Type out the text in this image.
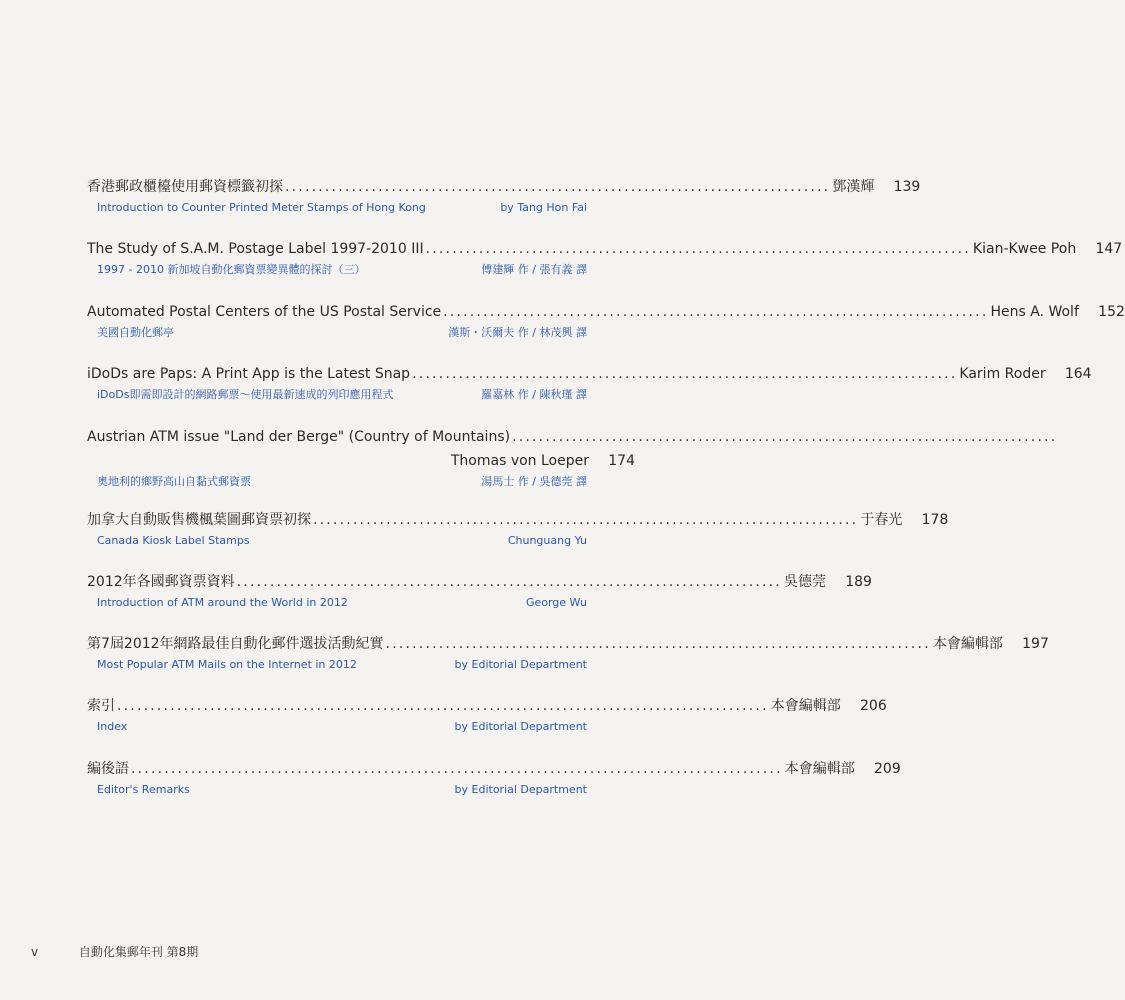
香港郵政櫃檯使用郵資標籤初探 .................................................................................. 鄧漢輝	139
Introduction to Counter Printed Meter Stamps of Hong Kong	by Tang Hon Fai
The Study of S.A.M. Postage Label 1997-2010 III .................................................................................. Kian-Kwee Poh	147
1997 - 2010 新加坡自動化郵資票變異體的探討（三）	傅建輝 作 / 張有義 譯
Automated Postal Centers of the US Postal Service .................................................................................. Hens A. Wolf	152
美國自動化郵亭	漢斯・沃爾夫 作 / 林茂興 譯
iDoDs are Paps: A Print App is the Latest Snap .................................................................................. Karim Roder	164
iDoDs即需即設計的網路郵票～使用最新速成的列印應用程式	羅嘉林 作 / 陳秋瑾 譯
Austrian ATM issue "Land der Berge" (Country of Mountains) ..................................................................................
Thomas von Loeper	174
奧地利的鄉野高山自黏式郵資票	湯馬士 作 / 吳德莞 譯
加拿大自動販售機楓葉圖郵資票初探 .................................................................................. 于春光	178
Canada Kiosk Label Stamps	Chunguang Yu
2012年各國郵資票資料 .................................................................................. 吳德莞	189
Introduction of ATM around the World in 2012	George Wu
第7屆2012年網路最佳自動化郵件選拔活動紀實 .................................................................................. 本會編輯部	197
Most Popular ATM Mails on the Internet in 2012	by Editorial Department
索引 .................................................................................................. 本會編輯部	206
Index	by Editorial Department
編後語 .................................................................................................. 本會編輯部	209
Editor's Remarks	by Editorial Department
v	自動化集郵年刊 第8期
